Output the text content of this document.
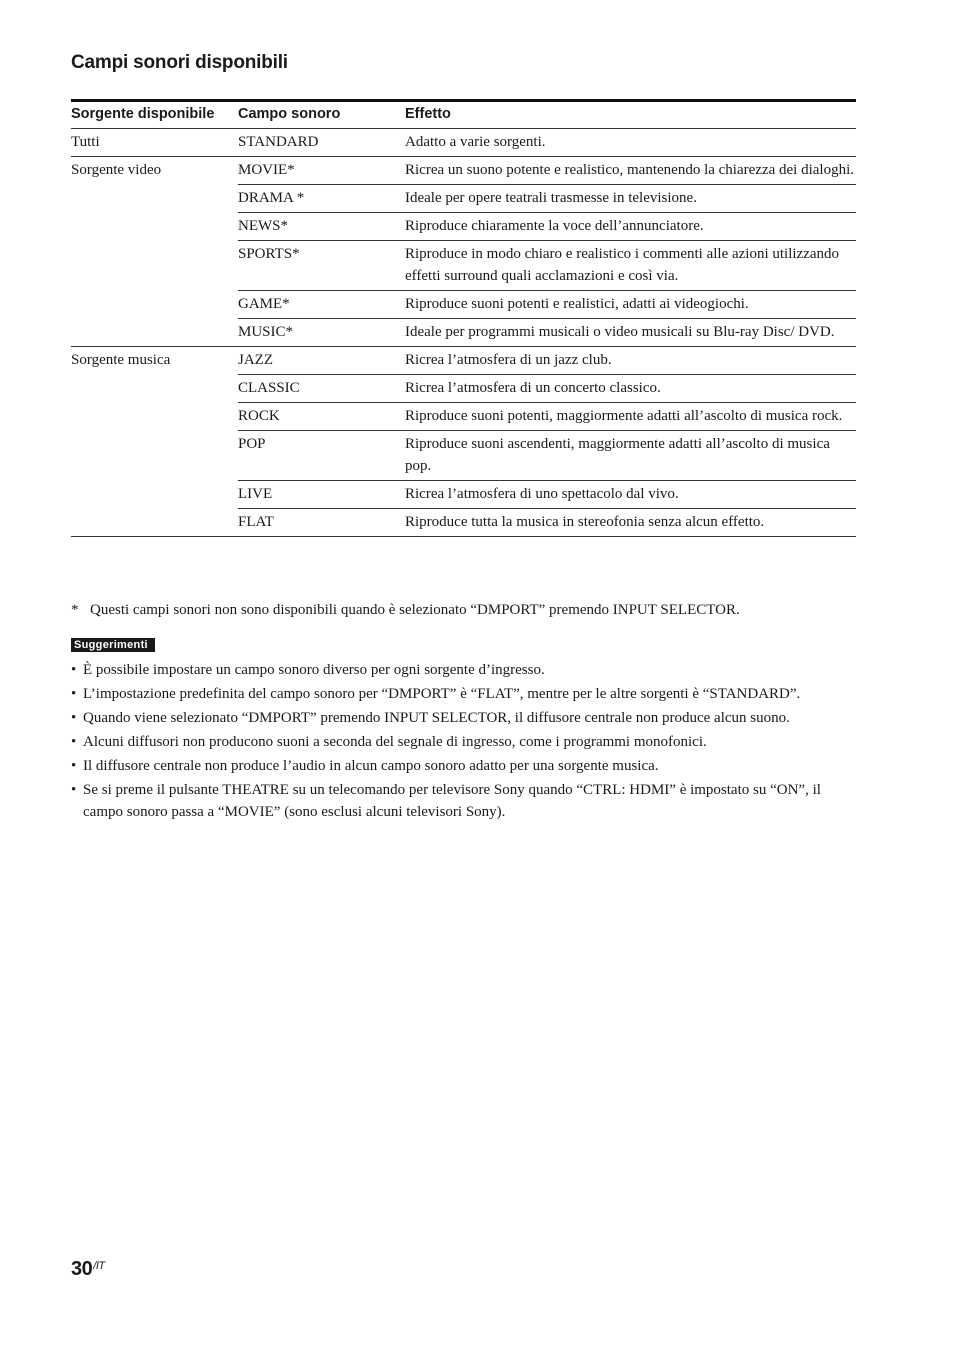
Campi sonori disponibili
Sorgente disponibile	Campo sonoro	Effetto
Tutti	STANDARD	Adatto a varie sorgenti.
Sorgente video	MOVIE*	Ricrea un suono potente e realistico, mantenendo la chiarezza dei dialoghi.
	DRAMA *	Ideale per opere teatrali trasmesse in televisione.
	NEWS*	Riproduce chiaramente la voce dell’annunciatore.
	SPORTS*	Riproduce in modo chiaro e realistico i commenti alle azioni utilizzando effetti surround quali acclamazioni e così via.
	GAME*	Riproduce suoni potenti e realistici, adatti ai videogiochi.
	MUSIC*	Ideale per programmi musicali o video musicali su Blu-ray Disc/ DVD.
Sorgente musica	JAZZ	Ricrea l’atmosfera di un jazz club.
	CLASSIC	Ricrea l’atmosfera di un concerto classico.
	ROCK	Riproduce suoni potenti, maggiormente adatti all’ascolto di musica rock.
	POP	Riproduce suoni ascendenti, maggiormente adatti all’ascolto di musica pop.
	LIVE	Ricrea l’atmosfera di uno spettacolo dal vivo.
	FLAT	Riproduce tutta la musica in stereofonia senza alcun effetto.
* Questi campi sonori non sono disponibili quando è selezionato “DMPORT” premendo INPUT SELECTOR.
Suggerimenti
• È possibile impostare un campo sonoro diverso per ogni sorgente d’ingresso.
• L’impostazione predefinita del campo sonoro per “DMPORT” è “FLAT”, mentre per le altre sorgenti è “STANDARD”.
• Quando viene selezionato “DMPORT” premendo INPUT SELECTOR, il diffusore centrale non produce alcun suono.
• Alcuni diffusori non producono suoni a seconda del segnale di ingresso, come i programmi monofonici.
• Il diffusore centrale non produce l’audio in alcun campo sonoro adatto per una sorgente musica.
• Se si preme il pulsante THEATRE su un telecomando per televisore Sony quando “CTRL: HDMI” è impostato su “ON”, il campo sonoro passa a “MOVIE” (sono esclusi alcuni televisori Sony).
$30^{/IT}$
